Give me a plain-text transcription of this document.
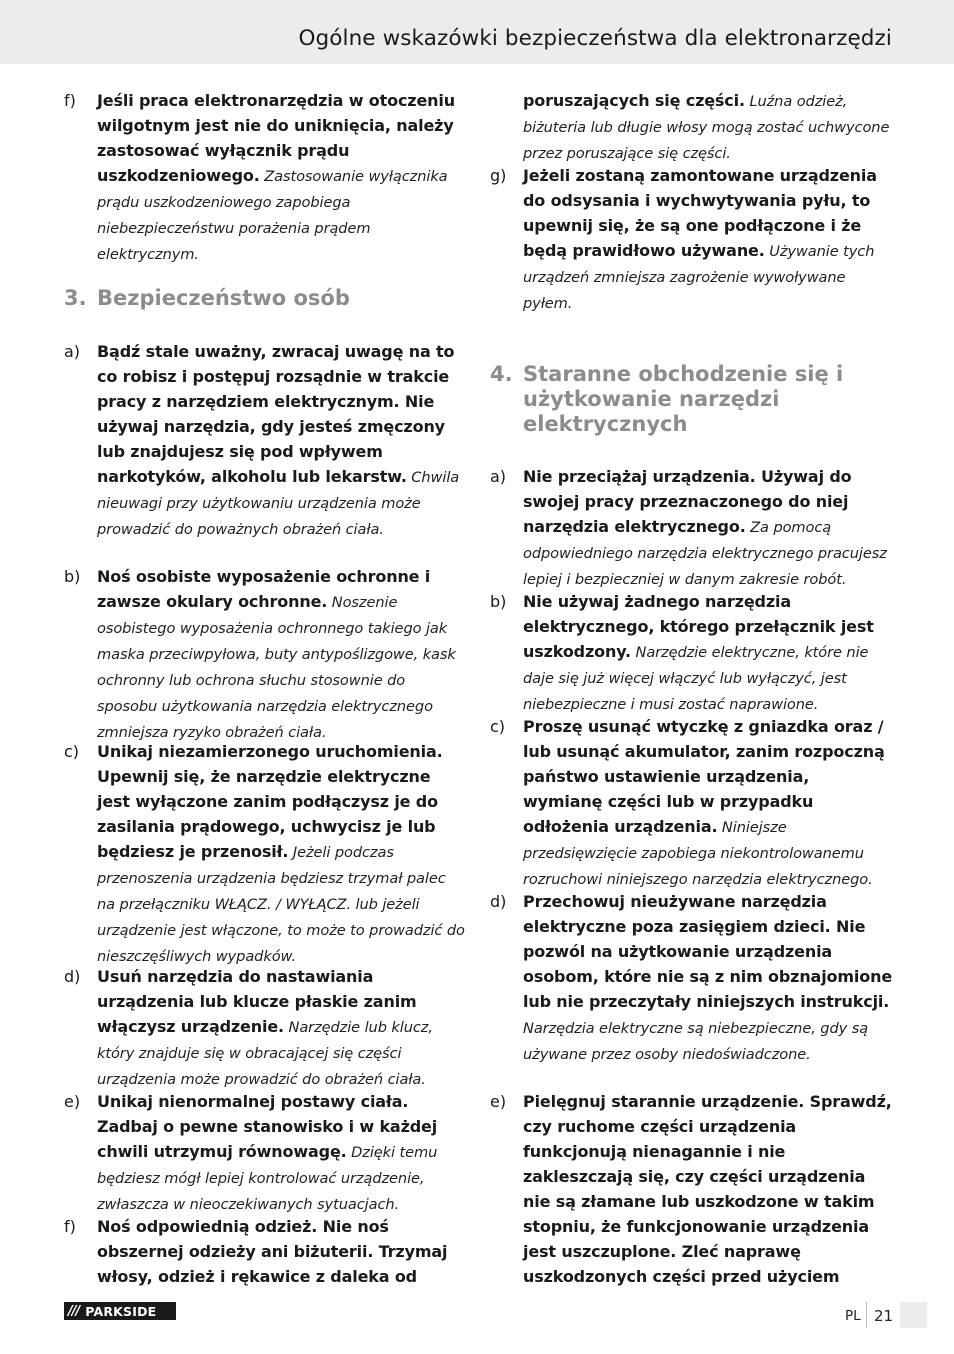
Ogólne wskazówki bezpieczeństwa dla elektronarzędzi
f) Jeśli praca elektronarzędzia w otoczeniu wilgotnym jest nie do uniknięcia, należy zastosować wyłącznik prądu uszkodzeniowego. Zastosowanie wyłącznika prądu uszkodzeniowego zapobiega niebezpieczeństwu porażenia prądem elektrycznym.
3. Bezpieczeństwo osób
a) Bądź stale uważny, zwracaj uwagę na to co robisz i postępuj rozsądnie w trakcie pracy z narzędziem elektrycznym. Nie używaj narzędzia, gdy jesteś zmęczony lub znajdujesz się pod wpływem narkotyków, alkoholu lub lekarstw. Chwila nieuwagi przy użytkowaniu urządzenia może prowadzić do poważnych obrażeń ciała.
b) Noś osobiste wyposażenie ochronne i zawsze okulary ochronne. Noszenie osobistego wyposażenia ochronnego takiego jak maska przeciwpyłowa, buty antypoślizgowe, kask ochronny lub ochrona słuchu stosownie do sposobu użytkowania narzędzia elektrycznego zmniejsza ryzyko obrażeń ciała.
c) Unikaj niezamierzonego uruchomienia. Upewnij się, że narzędzie elektryczne jest wyłączone zanim podłączysz je do zasilania prądowego, uchwycisz je lub będziesz je przenosił. Jeżeli podczas przenoszenia urządzenia będziesz trzymał palec na przełączniku WŁĄCZ. / WYŁĄCZ. lub jeżeli urządzenie jest włączone, to może to prowadzić do nieszczęśliwych wypadków.
d) Usuń narzędzia do nastawiania urządzenia lub klucze płaskie zanim włączysz urządzenie. Narzędzie lub klucz, który znajduje się w obracającej się części urządzenia może prowadzić do obrażeń ciała.
e) Unikaj nienormalnej postawy ciała. Zadbaj o pewne stanowisko i w każdej chwili utrzymuj równowagę. Dzięki temu będziesz mógł lepiej kontrolować urządzenie, zwłaszcza w nieoczekiwanych sytuacjach.
f) Noś odpowiednią odzież. Nie noś obszernej odzieży ani biżuterii. Trzymaj włosy, odzież i rękawice z daleka od
poruszających się części. Luźna odzież, biżuteria lub długie włosy mogą zostać uchwycone przez poruszające się części.
g) Jeżeli zostaną zamontowane urządzenia do odsysania i wychwytywania pyłu, to upewnij się, że są one podłączone i że będą prawidłowo używane. Używanie tych urządzeń zmniejsza zagrożenie wywoływane pyłem.
4. Staranne obchodzenie się i użytkowanie narzędzi elektrycznych
a) Nie przeciążaj urządzenia. Używaj do swojej pracy przeznaczonego do niej narzędzia elektrycznego. Za pomocą odpowiedniego narzędzia elektrycznego pracujesz lepiej i bezpieczniej w danym zakresie robót.
b) Nie używaj żadnego narzędzia elektrycznego, którego przełącznik jest uszkodzony. Narzędzie elektryczne, które nie daje się już więcej włączyć lub wyłączyć, jest niebezpieczne i musi zostać naprawione.
c) Proszę usunąć wtyczkę z gniazdka oraz / lub usunąć akumulator, zanim rozpoczną państwo ustawienie urządzenia, wymianę części lub w przypadku odłożenia urządzenia. Niniejsze przedsięwzięcie zapobiega niekontrolowanemu rozruchowi niniejszego narzędzia elektrycznego.
d) Przechowuj nieużywane narzędzia elektryczne poza zasięgiem dzieci. Nie pozwól na użytkowanie urządzenia osobom, które nie są z nim obznajomione lub nie przeczytały niniejszych instrukcji. Narzędzia elektryczne są niebezpieczne, gdy są używane przez osoby niedoświadczone.
e) Pielęgnuj starannie urządzenie. Sprawdź, czy ruchome części urządzenia funkcjonują nienagannie i nie zakleszczają się, czy części urządzenia nie są złamane lub uszkodzone w takim stopniu, że funkcjonowanie urządzenia jest uszczuplone. Zleć naprawę uszkodzonych części przed użyciem
/// PARKSIDE	PL 21
